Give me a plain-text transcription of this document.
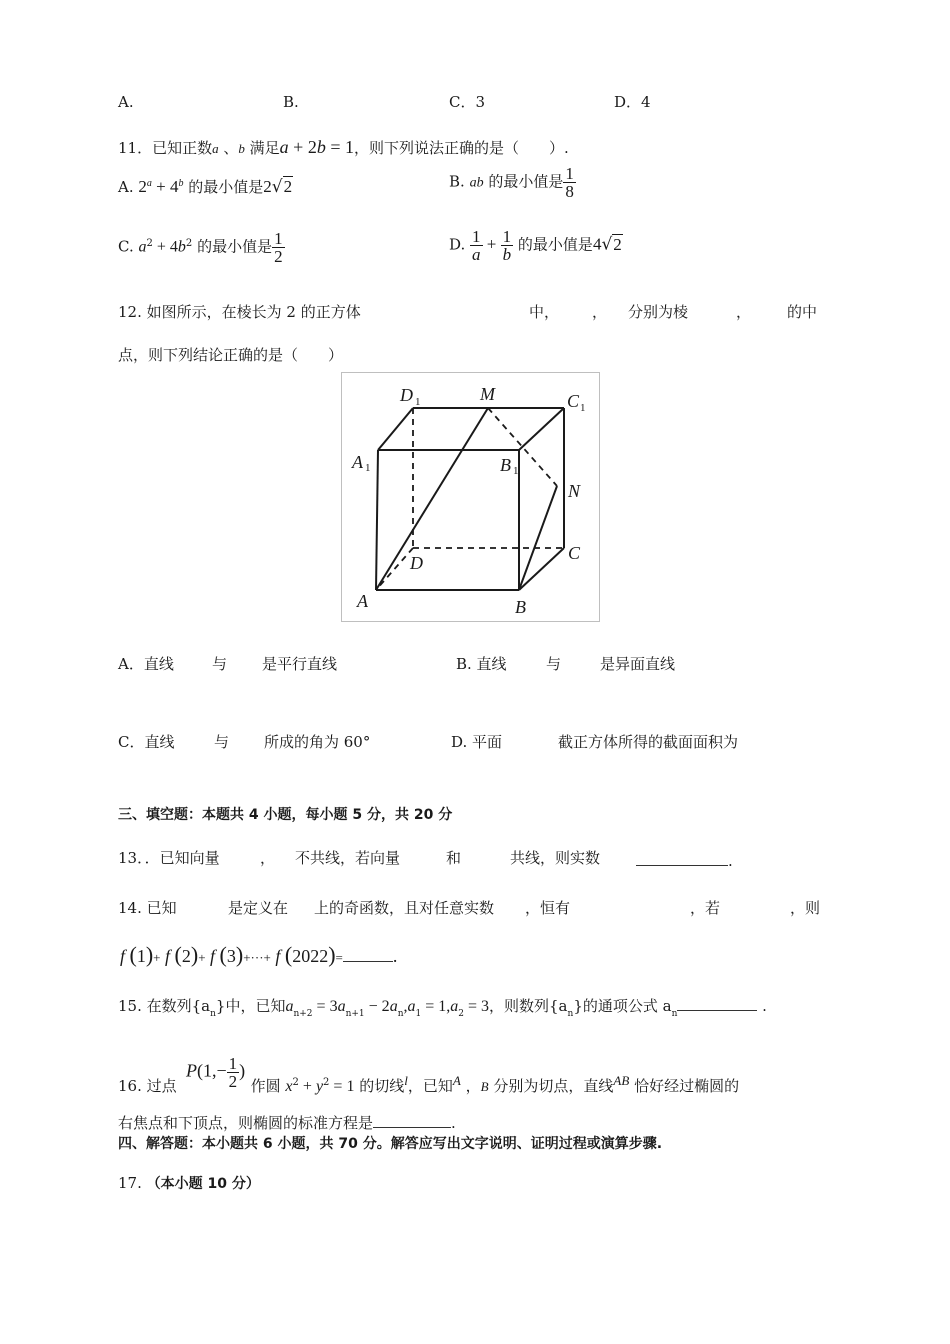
A.	B.	C．3	D．4
11．已知正数a 、b 满足a + 2b = 1，则下列说法正确的是（　　）.
A. $2^a + 4^b$ 的最小值是2√2	B. ab 的最小值是 $\frac{1}{8}$
C. $a^2 + 4b^2$ 的最小值是 $\frac{1}{2}$	D. $\frac{1}{a} + \frac{1}{b}$ 的最小值是4√2
12. 如图所示，在棱长为 2 的正方体	中， ， 分别为棱	， 的中
点，则下列结论正确的是（　　）
D 1	M	C 1
A 1	B 1
N
D	C
A	B
A．直线	与 是平行直线	B. 直线	与	是异面直线
C．直线	与 所成的角为 60°	D. 平面	截正方体所得的截面面积为
三、填空题：本题共 4 小题，每小题 5 分，共 20 分
13．．已知向量	， 不共线，若向量	和	共线，则实数	.
14. 已知	是定义在 上的奇函数，且对任意实数 ，恒有	，若	，则
f (1)+ f (2)+ f (3)+···+ f (2022)=	.
15. 在数列$\{a_n\}$中，已知$a_{n+2} = 3a_{n+1} - 2a_n,a_1 = 1,a_2 = 3$，则数列$\{a_n\}$的通项公式 $a_n$	.
$P(1,- \frac{1}{2}$ )
16. 过点	作圆 $x^2 + y^2 = 1$ 的切线l，已知A ，B 分别为切点，直线AB 恰好经过椭圆的
右焦点和下顶点，则椭圆的标准方程是	.
四、解答题：本小题共 6 小题，共 70 分。解答应写出文字说明、证明过程或演算步骤.
17. （本小题 10 分）
